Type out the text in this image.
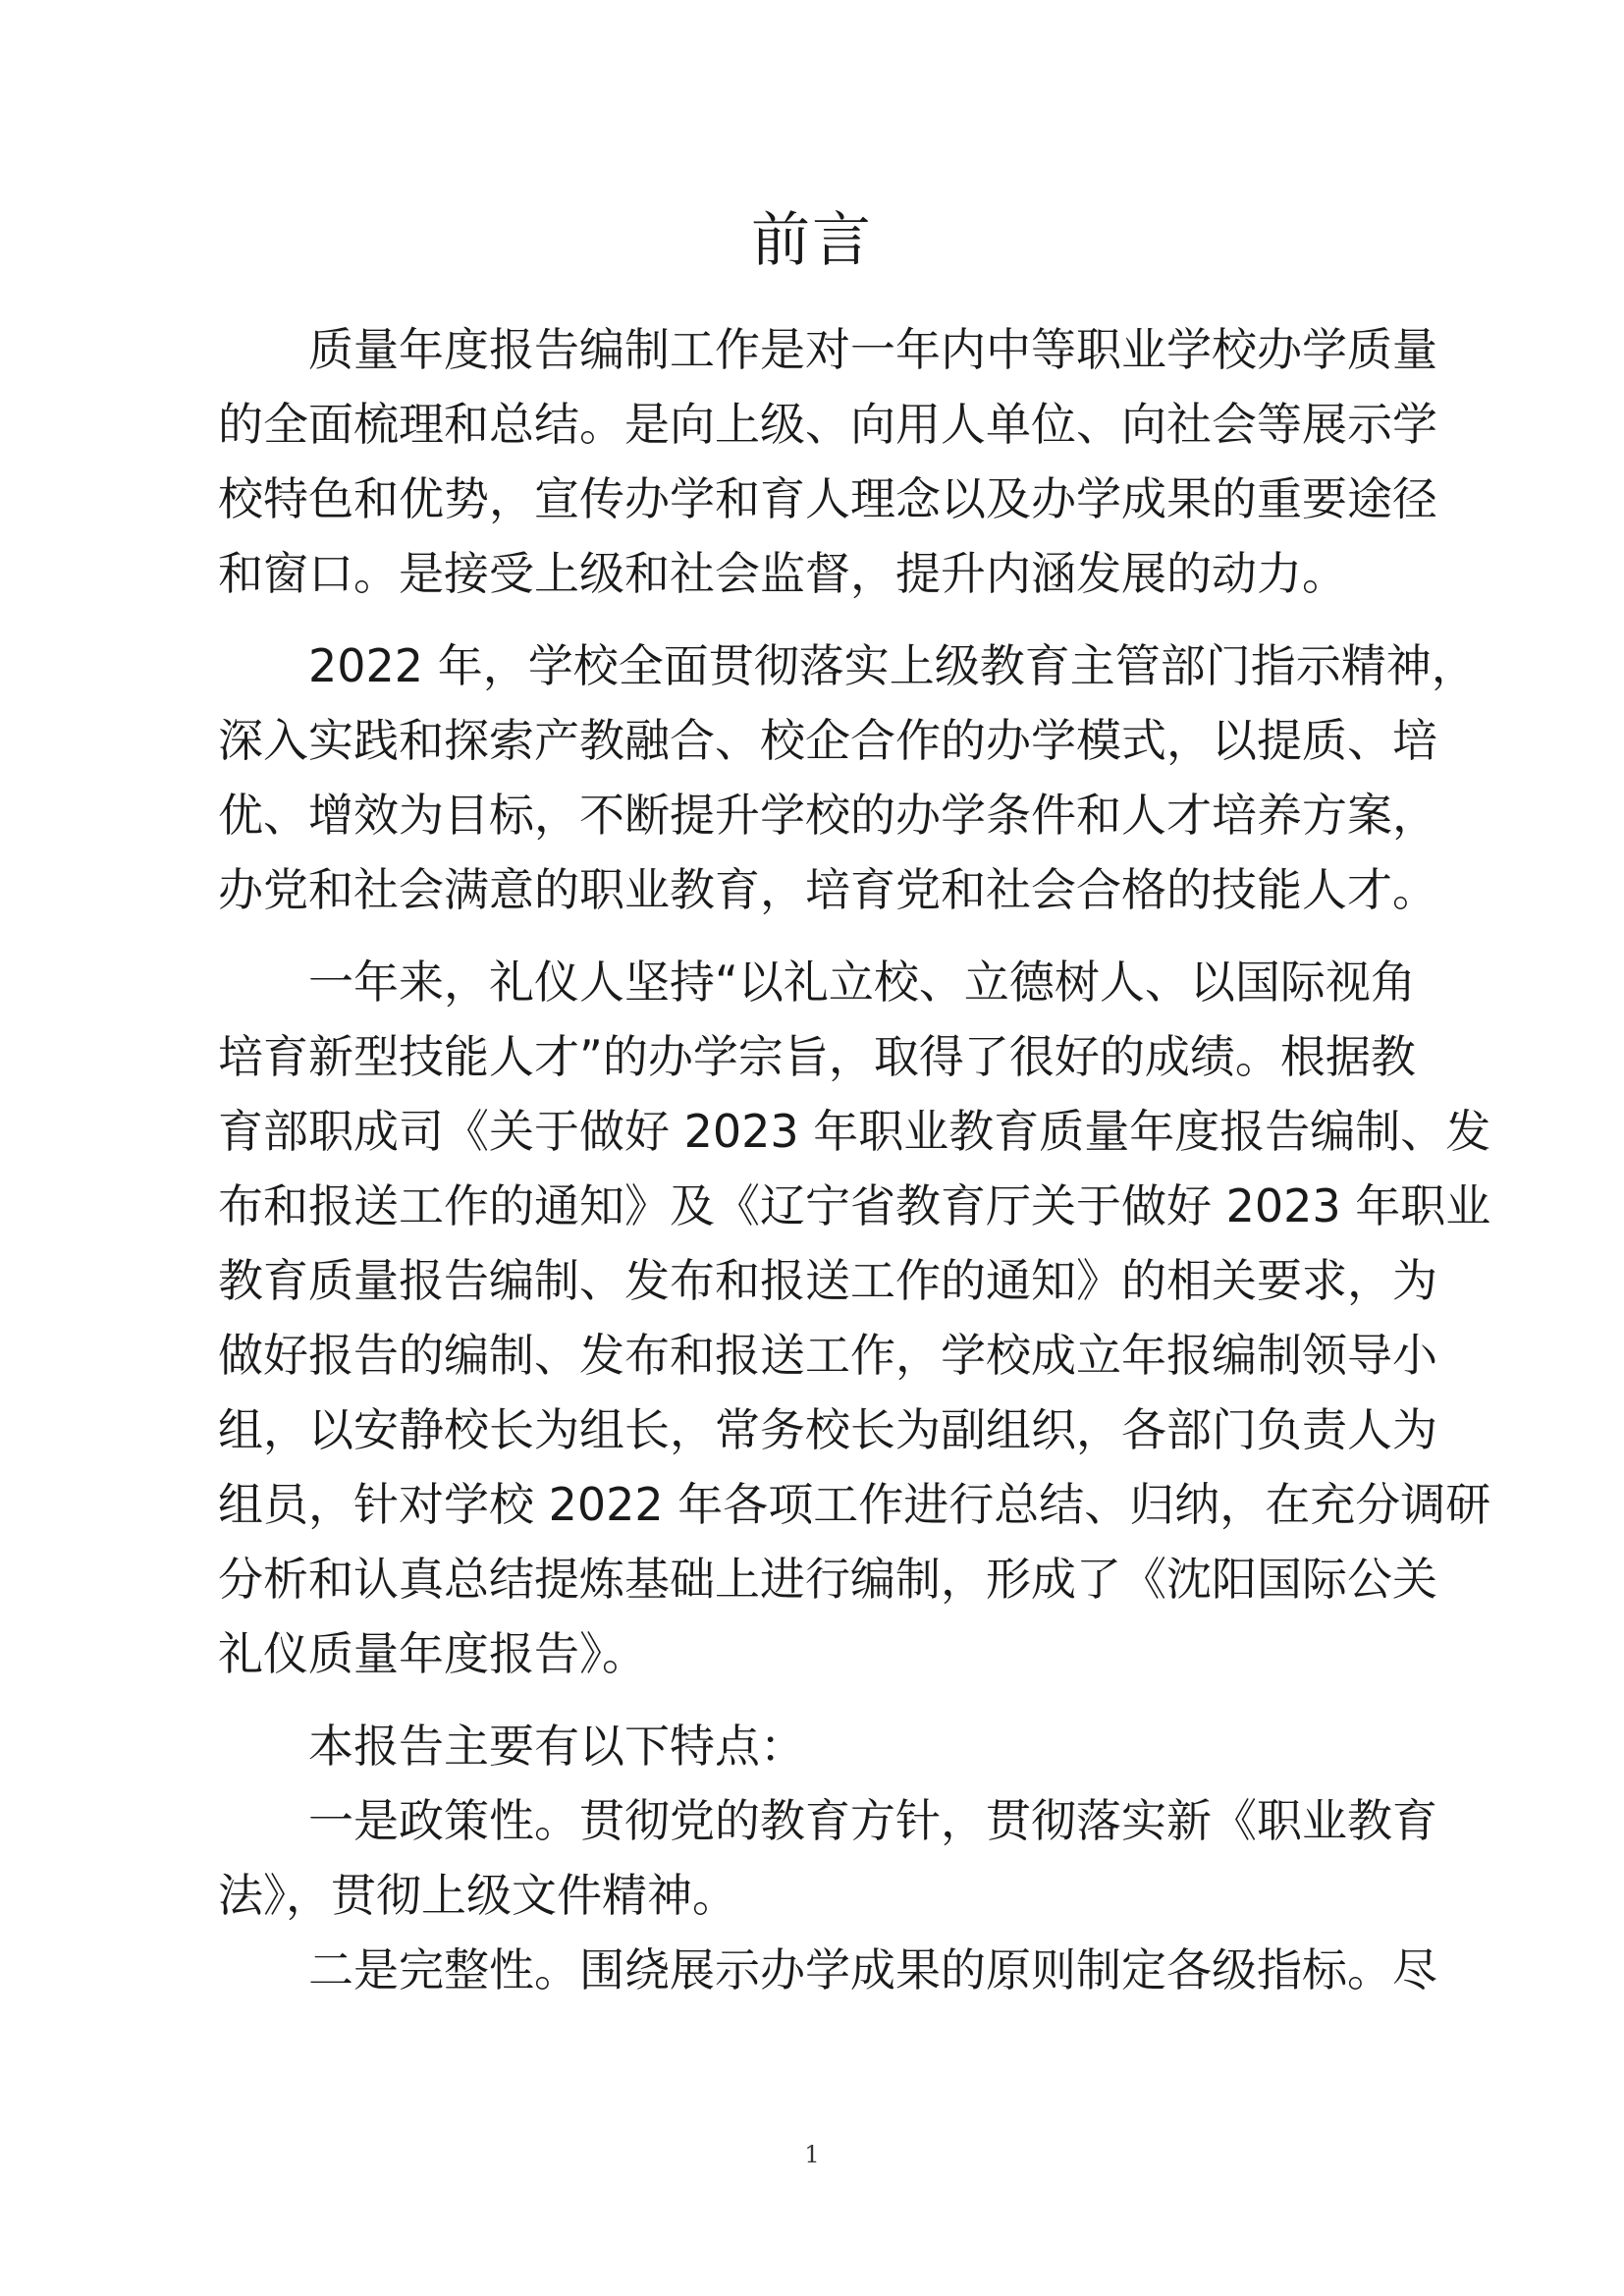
前言

质量年度报告编制工作是对一年内中等职业学校办学质量
的全面梳理和总结。是向上级、向用人单位、向社会等展示学
校特色和优势，宣传办学和育人理念以及办学成果的重要途径
和窗口。是接受上级和社会监督，提升内涵发展的动力。

2022 年，学校全面贯彻落实上级教育主管部门指示精神，
深入实践和探索产教融合、校企合作的办学模式，以提质、培
优、增效为目标，不断提升学校的办学条件和人才培养方案，
办党和社会满意的职业教育，培育党和社会合格的技能人才。

一年来，礼仪人坚持“以礼立校、立德树人、以国际视角
培育新型技能人才”的办学宗旨，取得了很好的成绩。根据教
育部职成司《关于做好 2023 年职业教育质量年度报告编制、发
布和报送工作的通知》及《辽宁省教育厅关于做好 2023 年职业
教育质量报告编制、发布和报送工作的通知》的相关要求，为
做好报告的编制、发布和报送工作，学校成立年报编制领导小
组，以安静校长为组长，常务校长为副组织，各部门负责人为
组员，针对学校 2022 年各项工作进行总结、归纳，在充分调研
分析和认真总结提炼基础上进行编制，形成了《沈阳国际公关
礼仪质量年度报告》。

本报告主要有以下特点：

一是政策性。贯彻党的教育方针，贯彻落实新《职业教育
法》，贯彻上级文件精神。

二是完整性。围绕展示办学成果的原则制定各级指标。尽

1
